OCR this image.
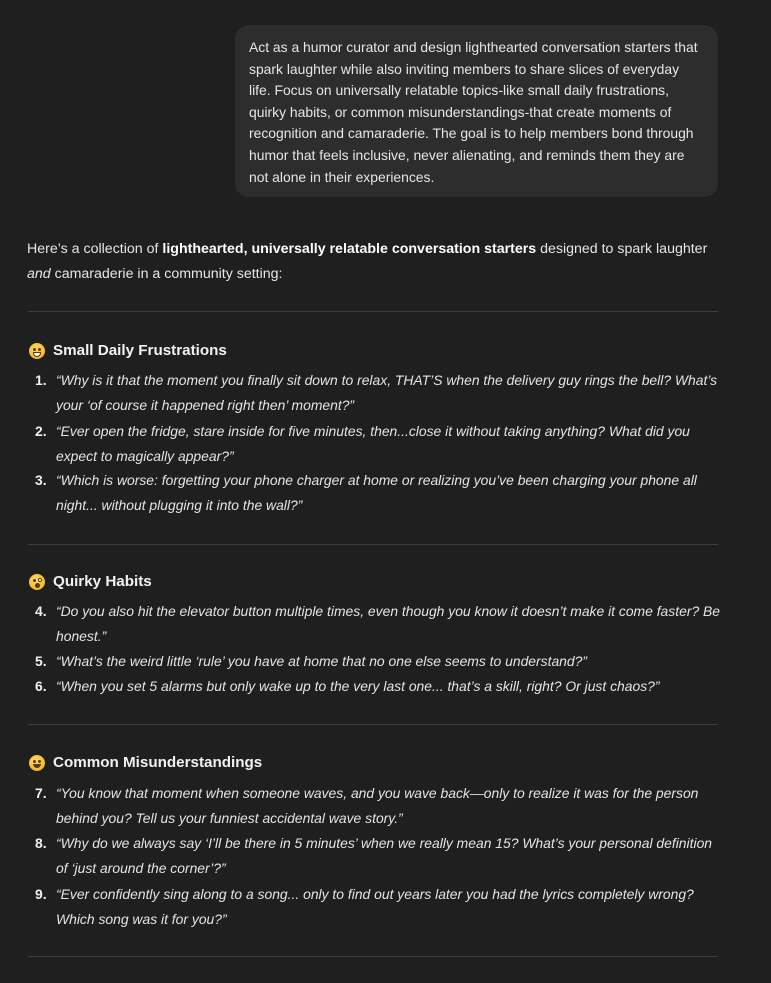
Act as a humor curator and design lighthearted conversation starters that spark laughter while also inviting members to share slices of everyday life. Focus on universally relatable topics-like small daily frustrations, quirky habits, or common misunderstandings-that create moments of recognition and camaraderie. The goal is to help members bond through humor that feels inclusive, never alienating, and reminds them they are not alone in their experiences.
Here’s a collection of lighthearted, universally relatable conversation starters designed to spark laughter and camaraderie in a community setting:
Small Daily Frustrations
1. “Why is it that the moment you finally sit down to relax, THAT’S when the delivery guy rings the bell? What’s your ‘of course it happened right then’ moment?”
2. “Ever open the fridge, stare inside for five minutes, then...close it without taking anything? What did you expect to magically appear?”
3. “Which is worse: forgetting your phone charger at home or realizing you’ve been charging your phone all night... without plugging it into the wall?”
Quirky Habits
4. “Do you also hit the elevator button multiple times, even though you know it doesn’t make it come faster? Be honest.”
5. “What’s the weird little ‘rule’ you have at home that no one else seems to understand?”
6. “When you set 5 alarms but only wake up to the very last one... that’s a skill, right? Or just chaos?”
Common Misunderstandings
7. “You know that moment when someone waves, and you wave back—only to realize it was for the person behind you? Tell us your funniest accidental wave story.”
8. “Why do we always say ‘I’ll be there in 5 minutes’ when we really mean 15? What’s your personal definition of ‘just around the corner’?”
9. “Ever confidently sing along to a song... only to find out years later you had the lyrics completely wrong? Which song was it for you?”
